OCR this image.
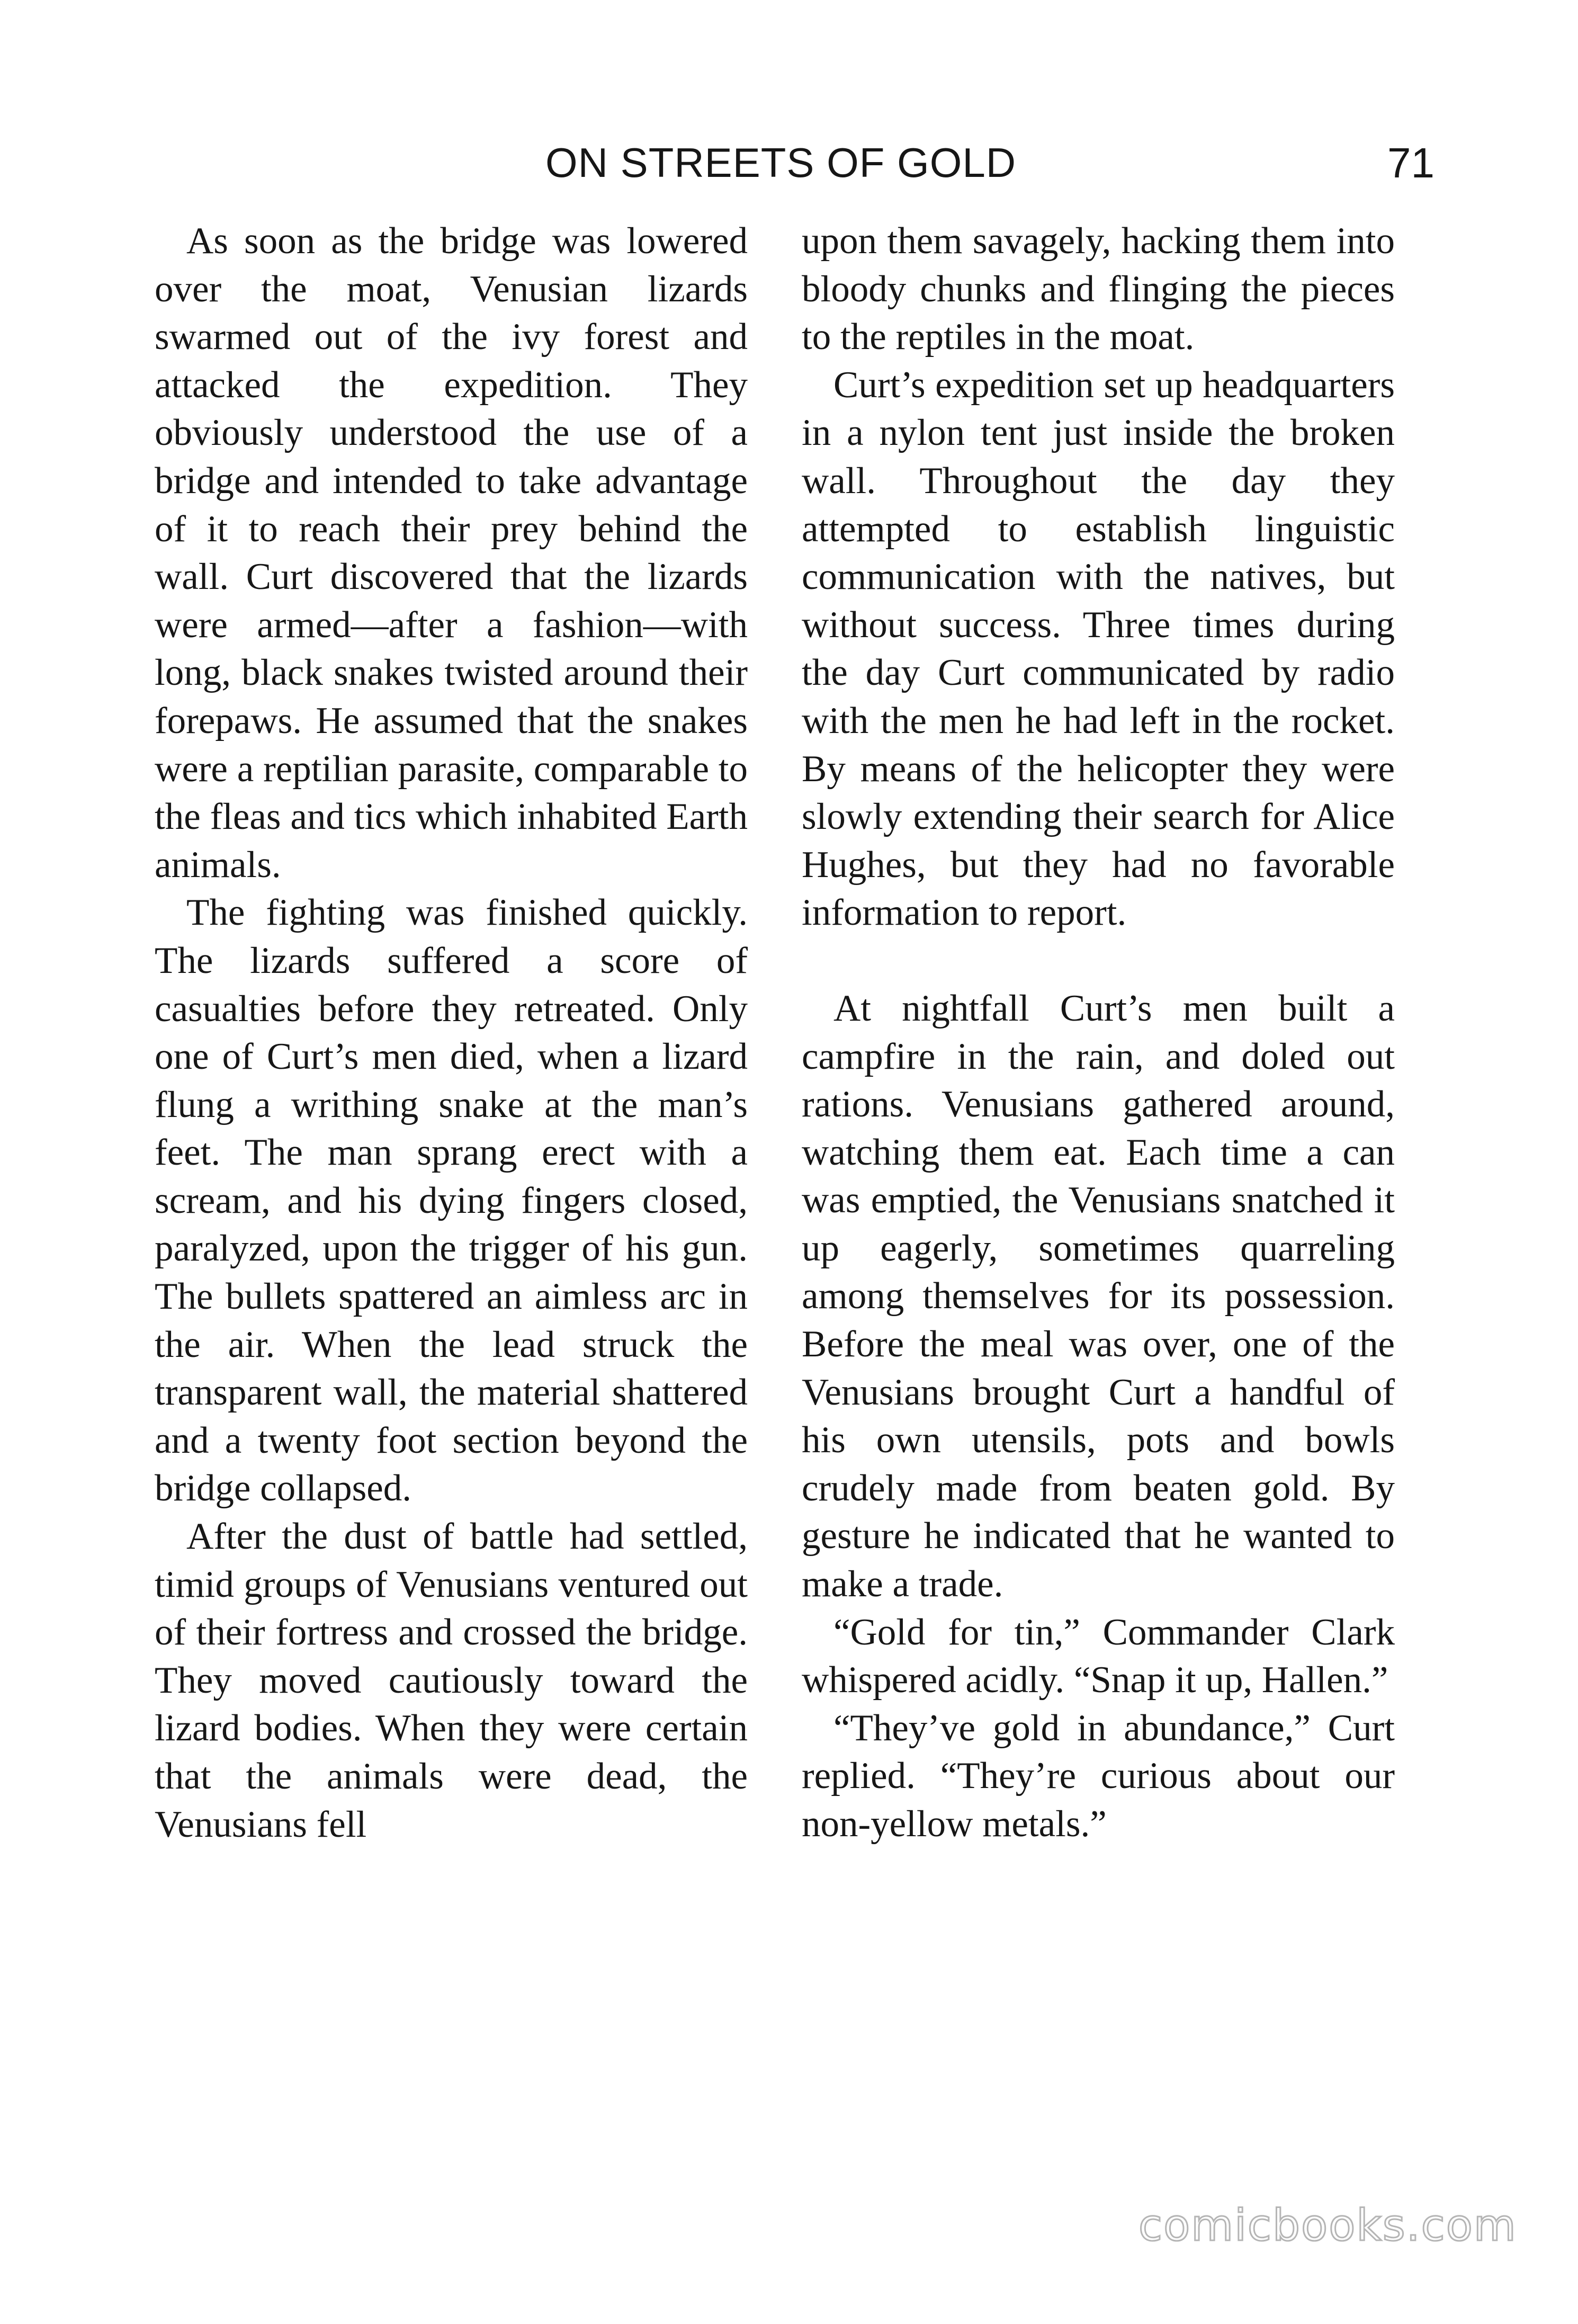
ON STREETS OF GOLD	71

As soon as the bridge was lowered over the moat, Venusian lizards swarmed out of the ivy forest and attacked the expedition. They obviously understood the use of a bridge and intended to take advantage of it to reach their prey behind the wall. Curt discovered that the lizards were armed—after a fashion—with long, black snakes twisted around their forepaws. He assumed that the snakes were a reptilian parasite, comparable to the fleas and tics which inhabited Earth animals.

The fighting was finished quickly. The lizards suffered a score of casualties before they retreated. Only one of Curt’s men died, when a lizard flung a writhing snake at the man’s feet. The man sprang erect with a scream, and his dying fingers closed, paralyzed, upon the trigger of his gun. The bullets spattered an aimless arc in the air. When the lead struck the transparent wall, the material shattered and a twenty foot section beyond the bridge collapsed.

After the dust of battle had settled, timid groups of Venusians ventured out of their fortress and crossed the bridge. They moved cautiously toward the lizard bodies. When they were certain that the animals were dead, the Venusians fell

upon them savagely, hacking them into bloody chunks and flinging the pieces to the reptiles in the moat.

Curt’s expedition set up headquarters in a nylon tent just inside the broken wall. Throughout the day they attempted to establish linguistic communication with the natives, but without success. Three times during the day Curt communicated by radio with the men he had left in the rocket. By means of the helicopter they were slowly extending their search for Alice Hughes, but they had no favorable information to report.

At nightfall Curt’s men built a campfire in the rain, and doled out rations. Venusians gathered around, watching them eat. Each time a can was emptied, the Venusians snatched it up eagerly, sometimes quarreling among themselves for its possession. Before the meal was over, one of the Venusians brought Curt a handful of his own utensils, pots and bowls crudely made from beaten gold. By gesture he indicated that he wanted to make a trade.

“Gold for tin,” Commander Clark whispered acidly. “Snap it up, Hallen.”

“They’ve gold in abundance,” Curt replied. “They’re curious about our non-yellow metals.”

comicbooks.com
